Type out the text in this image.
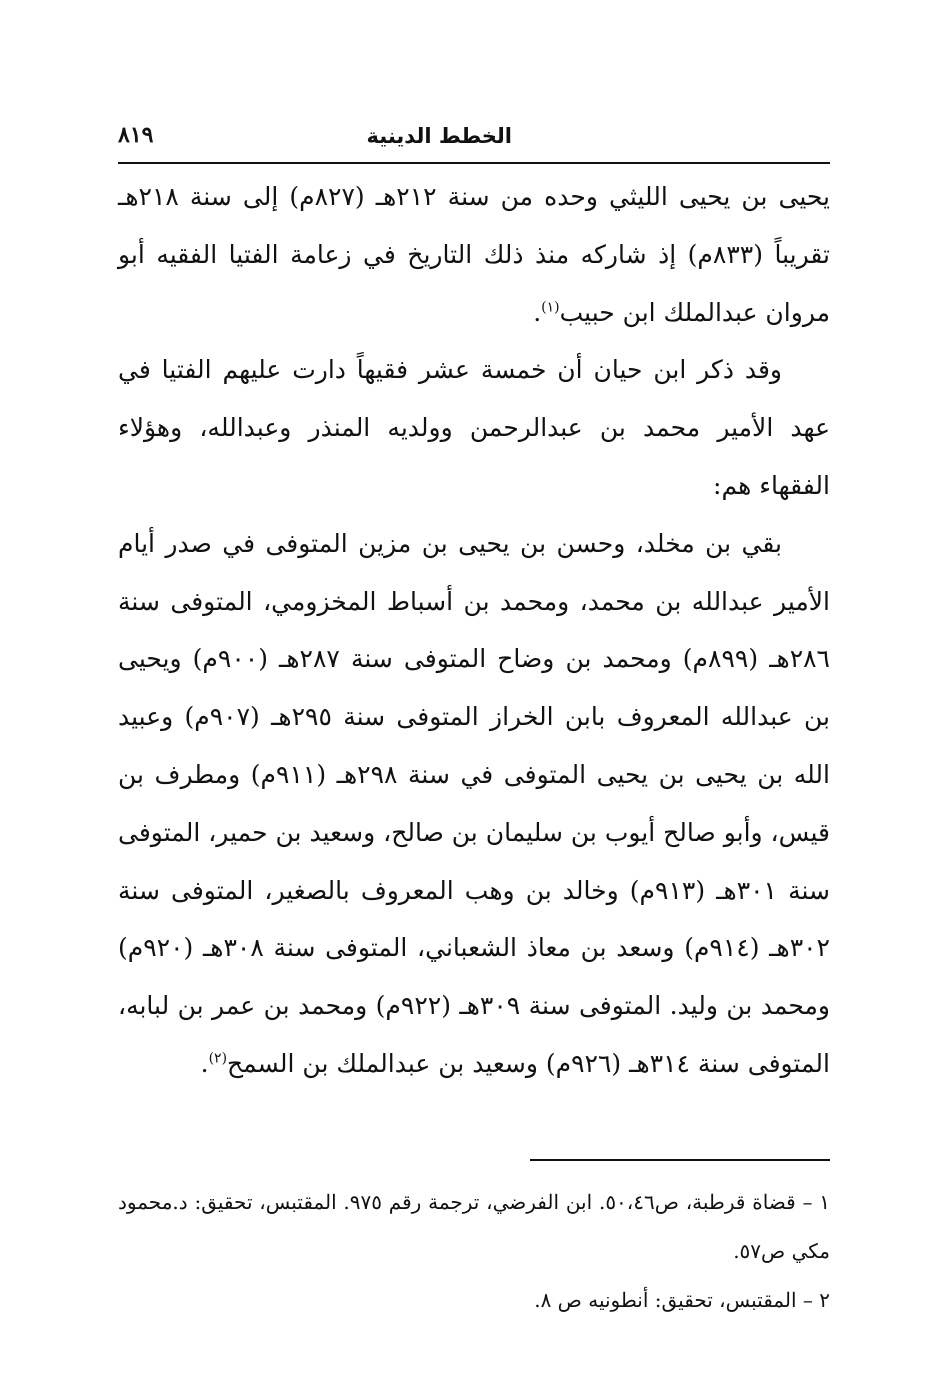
الخطط الدينية
٨١٩

يحيى بن يحيى الليثي وحده من سنة ٢١٢هـ (٨٢٧م) إلى سنة ٢١٨هـ تقريباً (٨٣٣م) إذ شاركه منذ ذلك التاريخ في زعامة الفتيا الفقيه أبو مروان عبدالملك ابن حبيب$^{(١)}$.

وقد ذكر ابن حيان أن خمسة عشر فقيهاً دارت عليهم الفتيا في عهد الأمير محمد بن عبدالرحمن وولديه المنذر وعبدالله، وهؤلاء الفقهاء هم:

بقي بن مخلد، وحسن بن يحيى بن مزين المتوفى في صدر أيام الأمير عبدالله بن محمد، ومحمد بن أسباط المخزومي، المتوفى سنة ٢٨٦هـ (٨٩٩م) ومحمد بن وضاح المتوفى سنة ٢٨٧هـ (٩٠٠م) ويحيى بن عبدالله المعروف بابن الخراز المتوفى سنة ٢٩٥هـ (٩٠٧م) وعبيد الله بن يحيى بن يحيى المتوفى في سنة ٢٩٨هـ (٩١١م) ومطرف بن قيس، وأبو صالح أيوب بن سليمان بن صالح، وسعيد بن حمير، المتوفى سنة ٣٠١هـ (٩١٣م) وخالد بن وهب المعروف بالصغير، المتوفى سنة ٣٠٢هـ (٩١٤م) وسعد بن معاذ الشعباني، المتوفى سنة ٣٠٨هـ (٩٢٠م) ومحمد بن وليد. المتوفى سنة ٣٠٩هـ (٩٢٢م) ومحمد بن عمر بن لبابه، المتوفى سنة ٣١٤هـ (٩٢٦م) وسعيد بن عبدالملك بن السمح$^{(٢)}$.

١ – قضاة قرطبة، ص٥٠،٤٦. ابن الفرضي، ترجمة رقم ٩٧٥. المقتبس، تحقيق: د.محمود مكي ص٥٧.

٢ – المقتبس، تحقيق: أنطونيه ص ٨.
